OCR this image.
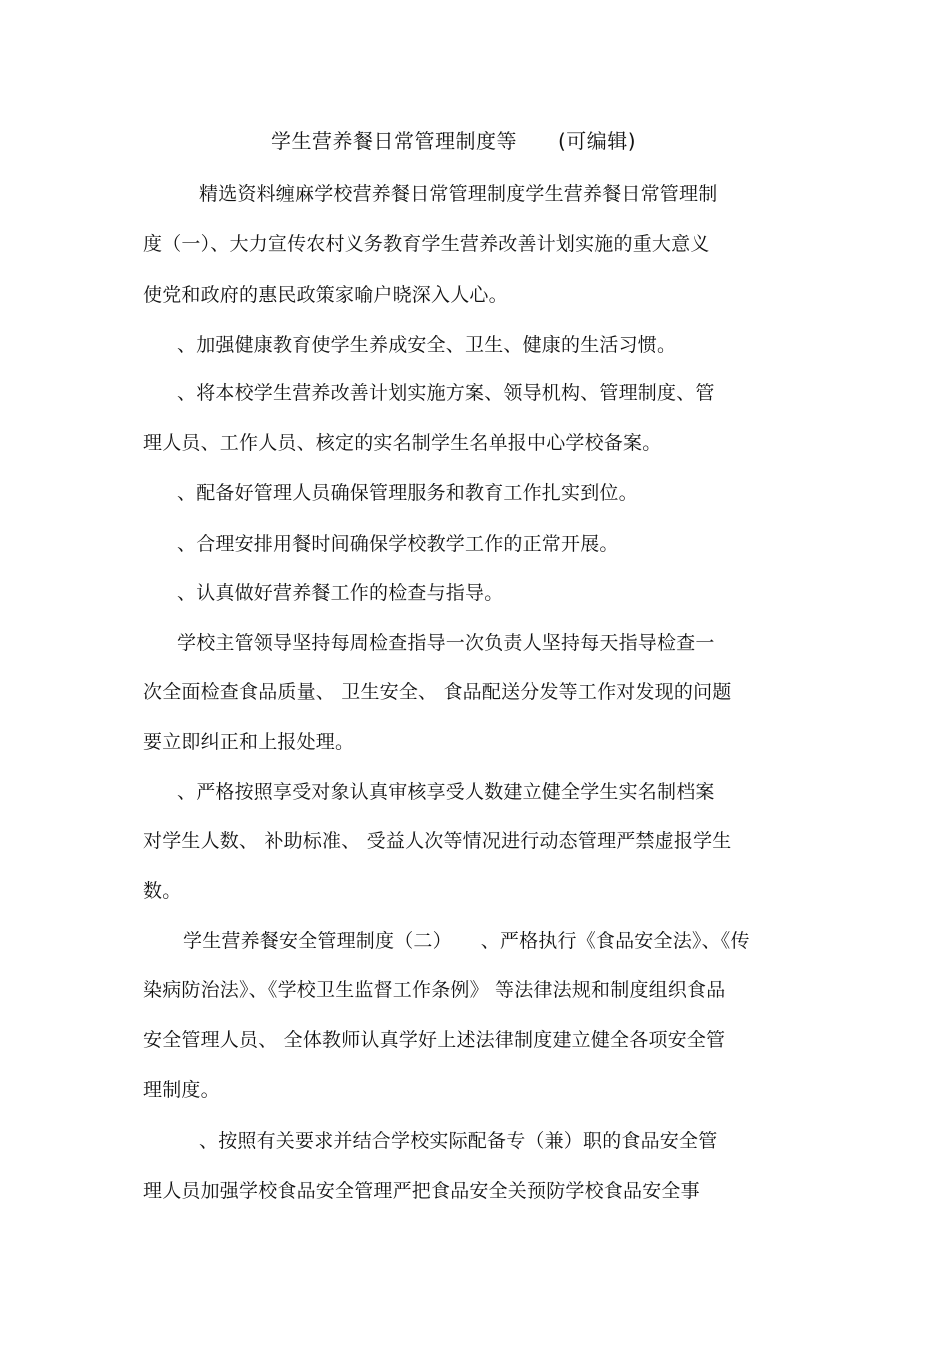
学生营养餐日常管理制度等　　(可编辑)
精选资料缠麻学校营养餐日常管理制度学生营养餐日常管理制
度（一）、大力宣传农村义务教育学生营养改善计划实施的重大意义
使党和政府的惠民政策家喻户晓深入人心。
、加强健康教育使学生养成安全、卫生、健康的生活习惯。
、将本校学生营养改善计划实施方案、领导机构、管理制度、管
理人员、工作人员、核定的实名制学生名单报中心学校备案。
、配备好管理人员确保管理服务和教育工作扎实到位。
、合理安排用餐时间确保学校教学工作的正常开展。
、认真做好营养餐工作的检查与指导。
学校主管领导坚持每周检查指导一次负责人坚持每天指导检查一
次全面检查食品质量、 卫生安全、 食品配送分发等工作对发现的问题
要立即纠正和上报处理。
、严格按照享受对象认真审核享受人数建立健全学生实名制档案
对学生人数、 补助标准、 受益人次等情况进行动态管理严禁虚报学生
数。
学生营养餐安全管理制度（二）　　、严格执行《食品安全法》、《传
染病防治法》、《学校卫生监督工作条例》 等法律法规和制度组织食品
安全管理人员、 全体教师认真学好上述法律制度建立健全各项安全管
理制度。
、按照有关要求并结合学校实际配备专（兼）职的食品安全管
理人员加强学校食品安全管理严把食品安全关预防学校食品安全事
